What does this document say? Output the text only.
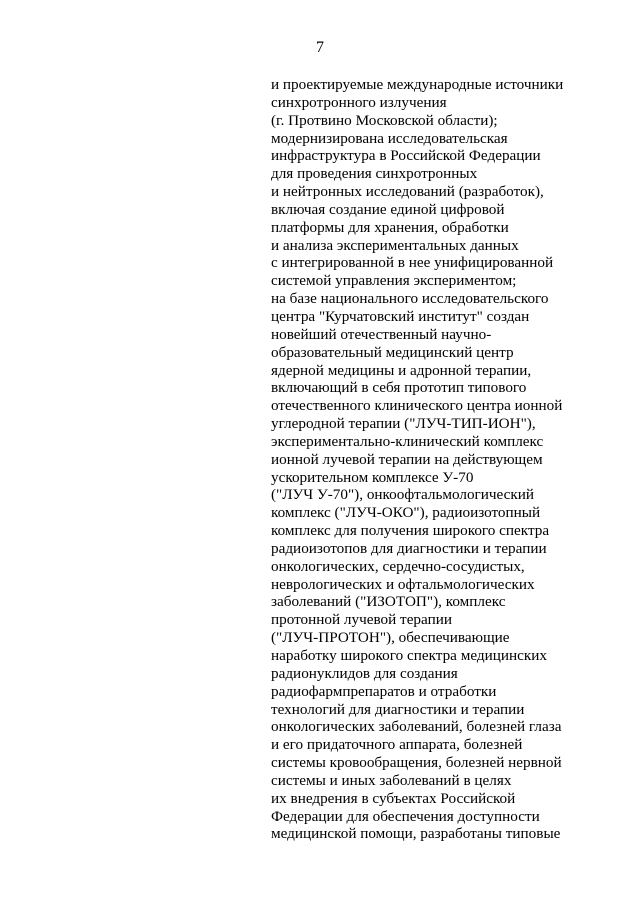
7
и проектируемые международные источники
синхротронного излучения
(г. Протвино Московской области);
модернизирована исследовательская
инфраструктура в Российской Федерации
для проведения синхротронных
и нейтронных исследований (разработок),
включая создание единой цифровой
платформы для хранения, обработки
и анализа экспериментальных данных
с интегрированной в нее унифицированной
системой управления экспериментом;
на базе национального исследовательского
центра "Курчатовский институт" создан
новейший отечественный научно-
образовательный медицинский центр
ядерной медицины и адронной терапии,
включающий в себя прототип типового
отечественного клинического центра ионной
углеродной терапии ("ЛУЧ-ТИП-ИОН"),
экспериментально-клинический комплекс
ионной лучевой терапии на действующем
ускорительном комплексе У-70
("ЛУЧ У-70"), онкоофтальмологический
комплекс ("ЛУЧ-ОКО"), радиоизотопный
комплекс для получения широкого спектра
радиоизотопов для диагностики и терапии
онкологических, сердечно-сосудистых,
неврологических и офтальмологических
заболеваний ("ИЗОТОП"), комплекс
протонной лучевой терапии
("ЛУЧ-ПРОТОН"), обеспечивающие
наработку широкого спектра медицинских
радионуклидов для создания
радиофармпрепаратов и отработки
технологий для диагностики и терапии
онкологических заболеваний, болезней глаза
и его придаточного аппарата, болезней
системы кровообращения, болезней нервной
системы и иных заболеваний в целях
их внедрения в субъектах Российской
Федерации для обеспечения доступности
медицинской помощи, разработаны типовые
